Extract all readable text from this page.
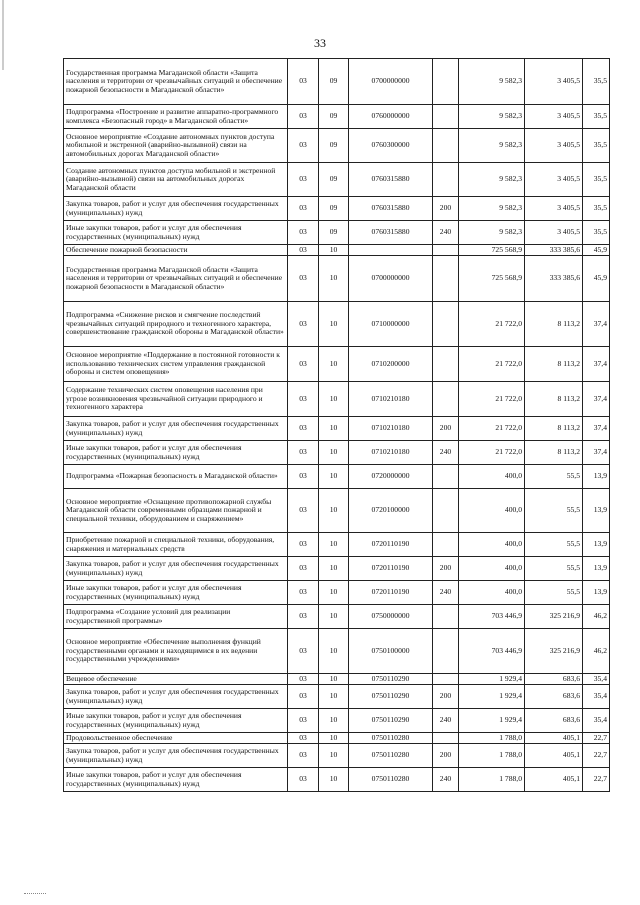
33
Государственная программа Магаданской области «Защита населения и территории от чрезвычайных ситуаций и обеспечение пожарной безопасности в Магаданской области»	03	09	0700000000		9 582,3	3 405,5	35,5
Подпрограмма «Построение и развитие аппаратно-программного комплекса «Безопасный город» в Магаданской области»	03	09	0760000000		9 582,3	3 405,5	35,5
Основное мероприятие «Создание автономных пунктов доступа мобильной и экстренной (аварийно-вызывной) связи на автомобильных дорогах Магаданской области»	03	09	0760300000		9 582,3	3 405,5	35,5
Создание автономных пунктов доступа мобильной и экстренной (аварийно-вызывной) связи на автомобильных дорогах Магаданской области	03	09	0760315880		9 582,3	3 405,5	35,5
Закупка товаров, работ и услуг для обеспечения государственных (муниципальных) нужд	03	09	0760315880	200	9 582,3	3 405,5	35,5
Иные закупки товаров, работ и услуг для обеспечения государственных (муниципальных) нужд	03	09	0760315880	240	9 582,3	3 405,5	35,5
Обеспечение пожарной безопасности	03	10			725 568,9	333 385,6	45,9
Государственная программа Магаданской области «Защита населения и территории от чрезвычайных ситуаций и обеспечение пожарной безопасности в Магаданской области»	03	10	0700000000		725 568,9	333 385,6	45,9
Подпрограмма «Снижение рисков и смягчение последствий чрезвычайных ситуаций природного и техногенного характера, совершенствование гражданской обороны в Магаданской области»	03	10	0710000000		21 722,0	8 113,2	37,4
Основное мероприятие «Поддержание в постоянной готовности к использованию технических систем управления гражданской обороны и систем оповещения»	03	10	0710200000		21 722,0	8 113,2	37,4
Содержание технических систем оповещения населения при угрозе возникновения чрезвычайной ситуации природного и техногенного характера	03	10	0710210180		21 722,0	8 113,2	37,4
Закупка товаров, работ и услуг для обеспечения государственных (муниципальных) нужд	03	10	0710210180	200	21 722,0	8 113,2	37,4
Иные закупки товаров, работ и услуг для обеспечения государственных (муниципальных) нужд	03	10	0710210180	240	21 722,0	8 113,2	37,4
Подпрограмма «Пожарная безопасность в Магаданской области»	03	10	0720000000		400,0	55,5	13,9
Основное мероприятие «Оснащение противопожарной службы Магаданской области современными образцами пожарной и специальной техники, оборудованием и снаряжением»	03	10	0720100000		400,0	55,5	13,9
Приобретение пожарной и специальной техники, оборудования, снаряжения и материальных средств	03	10	0720110190		400,0	55,5	13,9
Закупка товаров, работ и услуг для обеспечения государственных (муниципальных) нужд	03	10	0720110190	200	400,0	55,5	13,9
Иные закупки товаров, работ и услуг для обеспечения государственных (муниципальных) нужд	03	10	0720110190	240	400,0	55,5	13,9
Подпрограмма «Создание условий для реализации государственной программы»	03	10	0750000000		703 446,9	325 216,9	46,2
Основное мероприятие «Обеспечение выполнения функций государственными органами и находящимися в их ведении государственными учреждениями»	03	10	0750100000		703 446,9	325 216,9	46,2
Вещевое обеспечение	03	10	0750110290		1 929,4	683,6	35,4
Закупка товаров, работ и услуг для обеспечения государственных (муниципальных) нужд	03	10	0750110290	200	1 929,4	683,6	35,4
Иные закупки товаров, работ и услуг для обеспечения государственных (муниципальных) нужд	03	10	0750110290	240	1 929,4	683,6	35,4
Продовольственное обеспечение	03	10	0750110280		1 788,0	405,1	22,7
Закупка товаров, работ и услуг для обеспечения государственных (муниципальных) нужд	03	10	0750110280	200	1 788,0	405,1	22,7
Иные закупки товаров, работ и услуг для обеспечения государственных (муниципальных) нужд	03	10	0750110280	240	1 788,0	405,1	22,7
